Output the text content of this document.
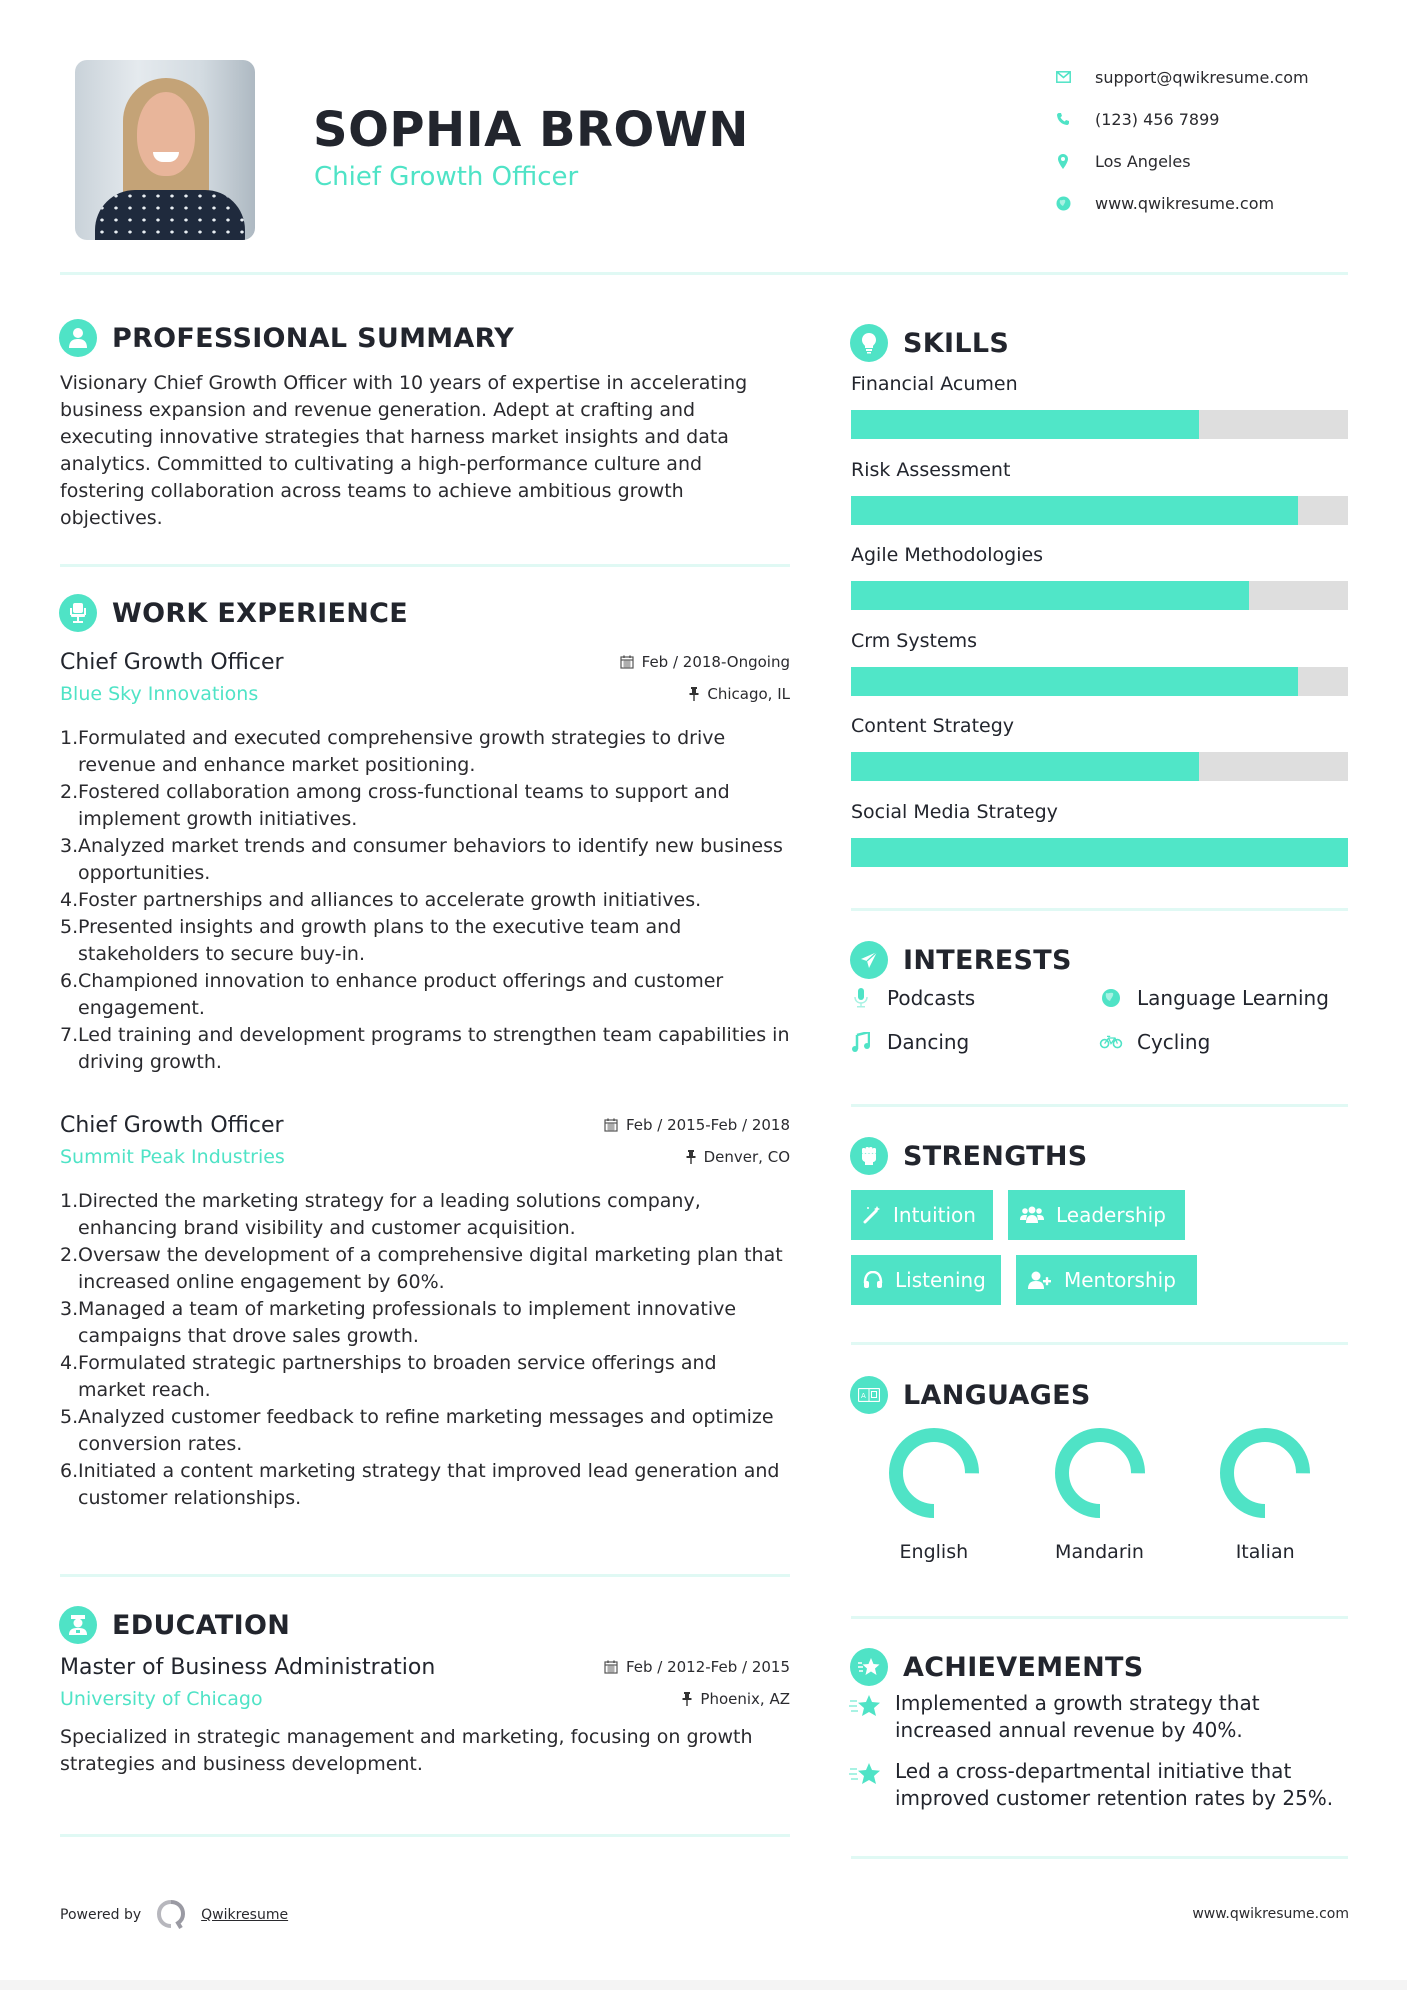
SOPHIA BROWN
Chief Growth Officer
support@qwikresume.com
(123) 456 7899
Los Angeles
www.qwikresume.com
PROFESSIONAL SUMMARY
Visionary Chief Growth Officer with 10 years of expertise in accelerating business expansion and revenue generation. Adept at crafting and executing innovative strategies that harness market insights and data analytics. Committed to cultivating a high-performance culture and fostering collaboration across teams to achieve ambitious growth objectives.
WORK EXPERIENCE
Chief Growth Officer	Feb / 2018-Ongoing
Blue Sky Innovations	Chicago, IL
1. Formulated and executed comprehensive growth strategies to drive revenue and enhance market positioning.
2. Fostered collaboration among cross-functional teams to support and implement growth initiatives.
3. Analyzed market trends and consumer behaviors to identify new business opportunities.
4. Foster partnerships and alliances to accelerate growth initiatives.
5. Presented insights and growth plans to the executive team and stakeholders to secure buy-in.
6. Championed innovation to enhance product offerings and customer engagement.
7. Led training and development programs to strengthen team capabilities in driving growth.
Chief Growth Officer	Feb / 2015-Feb / 2018
Summit Peak Industries	Denver, CO
1. Directed the marketing strategy for a leading solutions company, enhancing brand visibility and customer acquisition.
2. Oversaw the development of a comprehensive digital marketing plan that increased online engagement by 60%.
3. Managed a team of marketing professionals to implement innovative campaigns that drove sales growth.
4. Formulated strategic partnerships to broaden service offerings and market reach.
5. Analyzed customer feedback to refine marketing messages and optimize conversion rates.
6. Initiated a content marketing strategy that improved lead generation and customer relationships.
EDUCATION
Master of Business Administration	Feb / 2012-Feb / 2015
University of Chicago	Phoenix, AZ
Specialized in strategic management and marketing, focusing on growth strategies and business development.
SKILLS
Financial Acumen
Risk Assessment
Agile Methodologies
Crm Systems
Content Strategy
Social Media Strategy
INTERESTS
Podcasts	Language Learning
Dancing	Cycling
STRENGTHS
Intuition	Leadership
Listening	Mentorship
A LANGUAGES
English	Mandarin	Italian
ACHIEVEMENTS
Implemented a growth strategy that increased annual revenue by 40%.
Led a cross-departmental initiative that improved customer retention rates by 25%.
Powered by	Qwikresume	www.qwikresume.com
